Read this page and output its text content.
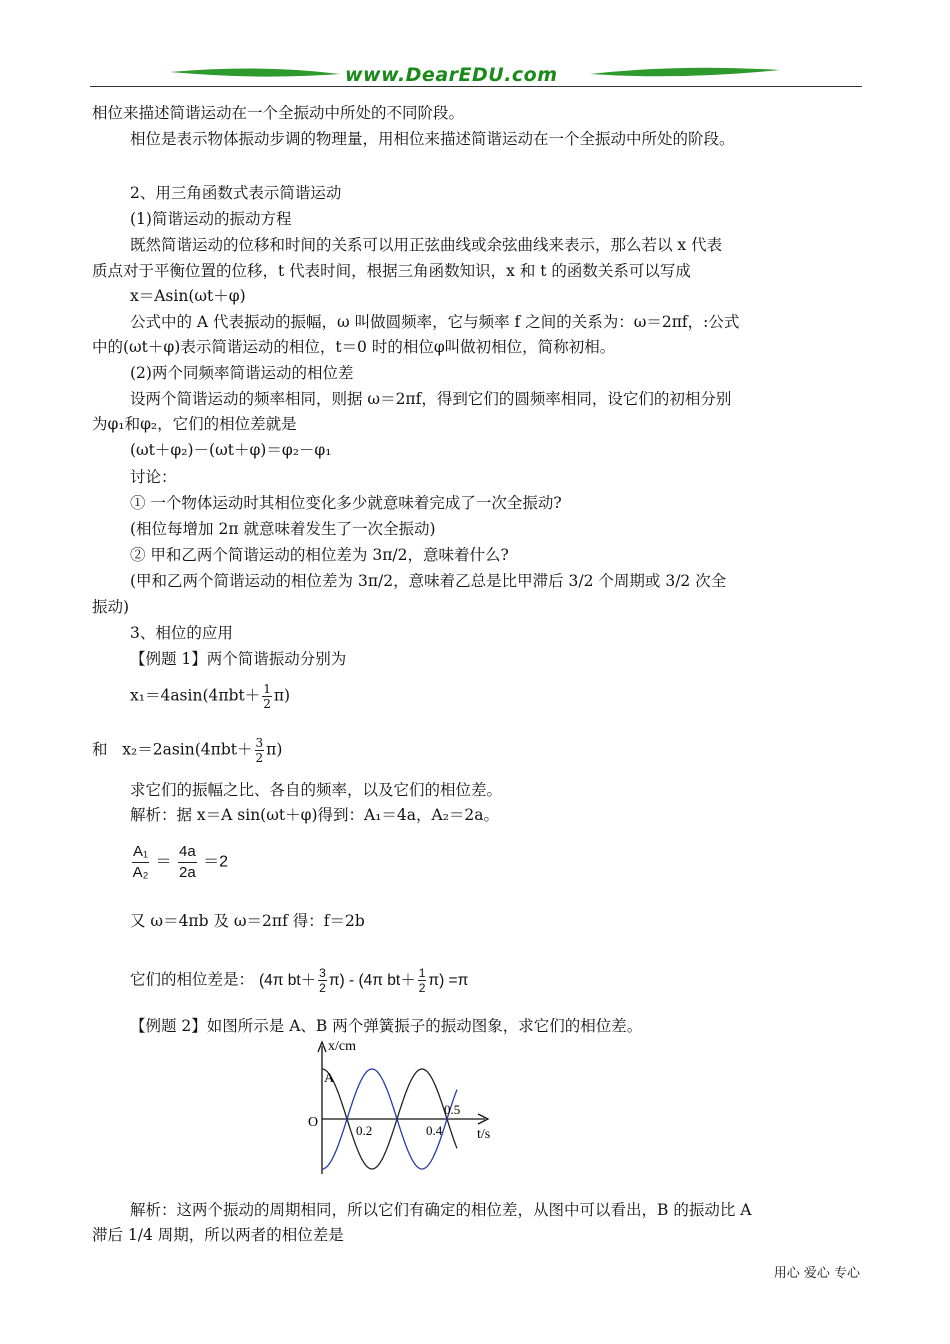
www.DearEDU.com
相位来描述简谐运动在一个全振动中所处的不同阶段。
相位是表示物体振动步调的物理量，用相位来描述简谐运动在一个全振动中所处的阶段。
2、用三角函数式表示简谐运动
(1)简谐运动的振动方程
既然简谐运动的位移和时间的关系可以用正弦曲线或余弦曲线来表示，那么若以 x 代表
质点对于平衡位置的位移，t 代表时间，根据三角函数知识，x 和 t 的函数关系可以写成
x＝Asin(ωt＋φ)
公式中的 A 代表振动的振幅，ω 叫做圆频率，它与频率 f 之间的关系为：ω＝2πf，:公式
中的(ωt＋φ)表示简谐运动的相位，t＝0 时的相位φ叫做初相位，简称初相。
(2)两个同频率简谐运动的相位差
设两个简谐运动的频率相同，则据 ω＝2πf，得到它们的圆频率相同，设它们的初相分别
为φ₁和φ₂，它们的相位差就是
(ωt＋φ₂)－(ωt＋φ)＝φ₂－φ₁
讨论：
① 一个物体运动时其相位变化多少就意味着完成了一次全振动?
(相位每增加 2π 就意味着发生了一次全振动)
② 甲和乙两个简谐运动的相位差为 3π/2，意味着什么?
(甲和乙两个简谐运动的相位差为 3π/2，意味着乙总是比甲滞后 3/2 个周期或 3/2 次全
振动)
3、相位的应用
【例题 1】两个简谐振动分别为
$x_1=4asin(4\pi bt+ \frac{1}{2} \pi)$
和 $x_2=2asin(4\pi bt+ \frac{3}{2} \pi)$
求它们的振幅之比、各自的频率，以及它们的相位差。
解析：据 x＝A sin(ωt＋φ)得到：A₁＝4a，A₂＝2a。
$\frac{\text{A₁}}{\text{A₂}} = \frac{4a}{2a} =2$
又 ω＝4πb 及 ω＝2πf 得：f＝2b
它们的相位差是： (4π $bt+ \frac{3}{2} \pi) - (4\pi$ $bt+ \frac{1}{2} \pi) =\pi$
【例题 2】如图所示是 A、B 两个弹簧振子的振动图象，求它们的相位差。
x/cm
A
O
0.2	0.4
0.5
t/s
解析：这两个振动的周期相同，所以它们有确定的相位差，从图中可以看出，B 的振动比 A
滞后 1/4 周期，所以两者的相位差是
用心 爱心 专心
